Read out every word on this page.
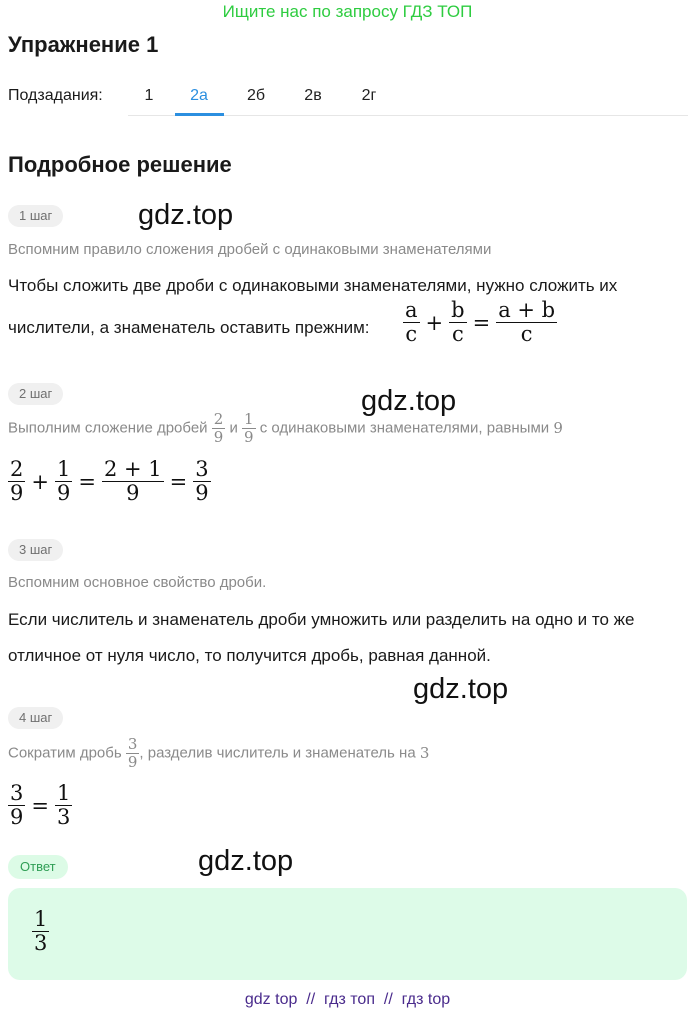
Ищите нас по запросу ГДЗ ТОП
Упражнение 1
Подзадания:	1	2а	2б	2в	2г
Подробное решение
1 шаг	gdz.top
Вспомним правило сложения дробей с одинаковыми знаменателями
Чтобы сложить две дроби с одинаковыми знаменателями, нужно сложить их
числители, а знаменатель оставить прежним: $\frac{a}{c} + \frac{b}{c} = \frac{a + b}{c}$
2 шаг	gdz.top
Выполним сложение дробей $\frac{2}{9}$ и $\frac{1}{9}$ с одинаковыми знаменателями, равными 9
$\frac{2}{9} + \frac{1}{9} = \frac{2 + 1}{9} = \frac{3}{9}$
3 шаг
Вспомним основное свойство дроби.
Если числитель и знаменатель дроби умножить или разделить на одно и то же
отличное от нуля число, то получится дробь, равная данной.
gdz.top
4 шаг
Сократим дробь $\frac{3}{9}$ , разделив числитель и знаменатель на 3
$\frac{3}{9} = \frac{1}{3}$
Ответ	gdz.top
$\frac{1}{3}$
gdz top  //  гдз топ  //  гдз top
